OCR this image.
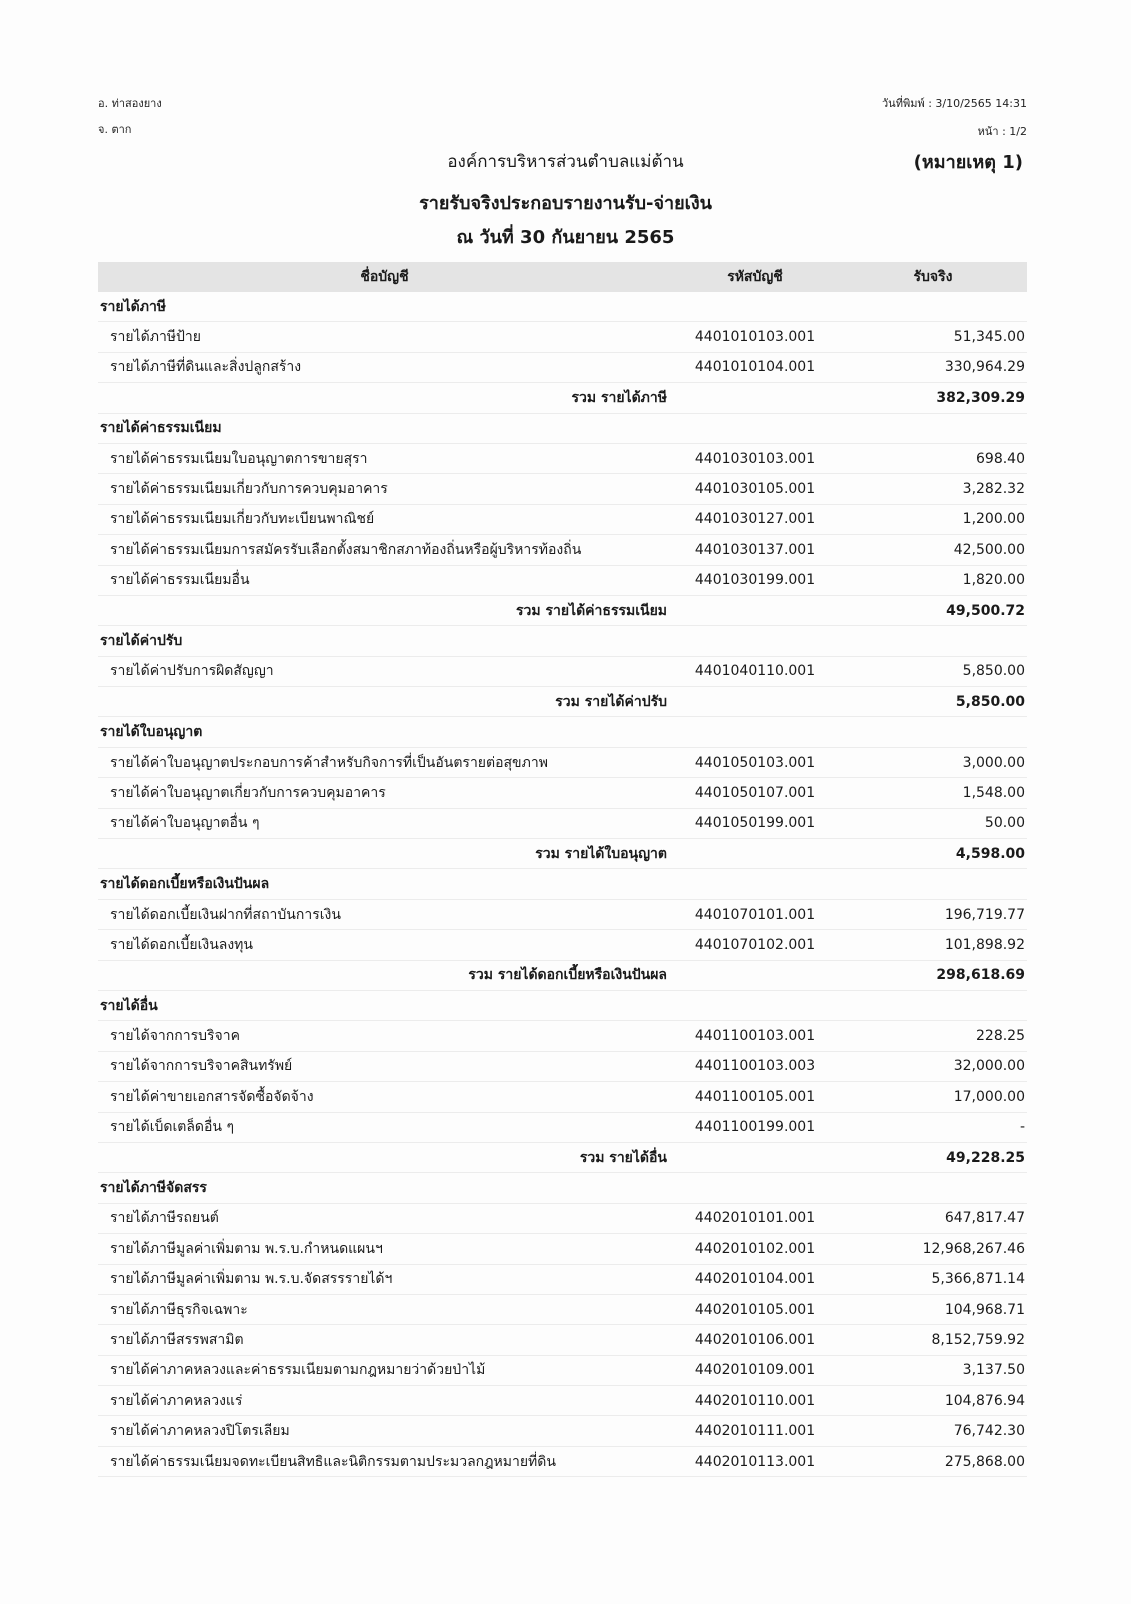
อ. ท่าสองยาง
จ. ตาก
วันที่พิมพ์ : 3/10/2565 14:31
หน้า : 1/2
องค์การบริหารส่วนตำบลแม่ต้าน	(หมายเหตุ 1)
รายรับจริงประกอบรายงานรับ-จ่ายเงิน
ณ วันที่ 30 กันยายน 2565
ชื่อบัญชี	รหัสบัญชี	รับจริง
รายได้ภาษี
รายได้ภาษีป้าย	4401010103.001	51,345.00
รายได้ภาษีที่ดินและสิ่งปลูกสร้าง	4401010104.001	330,964.29
รวม รายได้ภาษี	382,309.29
รายได้ค่าธรรมเนียม
รายได้ค่าธรรมเนียมใบอนุญาตการขายสุรา	4401030103.001	698.40
รายได้ค่าธรรมเนียมเกี่ยวกับการควบคุมอาคาร	4401030105.001	3,282.32
รายได้ค่าธรรมเนียมเกี่ยวกับทะเบียนพาณิชย์	4401030127.001	1,200.00
รายได้ค่าธรรมเนียมการสมัครรับเลือกตั้งสมาชิกสภาท้องถิ่นหรือผู้บริหารท้องถิ่น	4401030137.001	42,500.00
รายได้ค่าธรรมเนียมอื่น	4401030199.001	1,820.00
รวม รายได้ค่าธรรมเนียม	49,500.72
รายได้ค่าปรับ
รายได้ค่าปรับการผิดสัญญา	4401040110.001	5,850.00
รวม รายได้ค่าปรับ	5,850.00
รายได้ใบอนุญาต
รายได้ค่าใบอนุญาตประกอบการค้าสำหรับกิจการที่เป็นอันตรายต่อสุขภาพ	4401050103.001	3,000.00
รายได้ค่าใบอนุญาตเกี่ยวกับการควบคุมอาคาร	4401050107.001	1,548.00
รายได้ค่าใบอนุญาตอื่น ๆ	4401050199.001	50.00
รวม รายได้ใบอนุญาต	4,598.00
รายได้ดอกเบี้ยหรือเงินปันผล
รายได้ดอกเบี้ยเงินฝากที่สถาบันการเงิน	4401070101.001	196,719.77
รายได้ดอกเบี้ยเงินลงทุน	4401070102.001	101,898.92
รวม รายได้ดอกเบี้ยหรือเงินปันผล	298,618.69
รายได้อื่น
รายได้จากการบริจาค	4401100103.001	228.25
รายได้จากการบริจาคสินทรัพย์	4401100103.003	32,000.00
รายได้ค่าขายเอกสารจัดซื้อจัดจ้าง	4401100105.001	17,000.00
รายได้เบ็ดเตล็ดอื่น ๆ	4401100199.001	-
รวม รายได้อื่น	49,228.25
รายได้ภาษีจัดสรร
รายได้ภาษีรถยนต์	4402010101.001	647,817.47
รายได้ภาษีมูลค่าเพิ่มตาม พ.ร.บ.กำหนดแผนฯ	4402010102.001	12,968,267.46
รายได้ภาษีมูลค่าเพิ่มตาม พ.ร.บ.จัดสรรรายได้ฯ	4402010104.001	5,366,871.14
รายได้ภาษีธุรกิจเฉพาะ	4402010105.001	104,968.71
รายได้ภาษีสรรพสามิต	4402010106.001	8,152,759.92
รายได้ค่าภาคหลวงและค่าธรรมเนียมตามกฎหมายว่าด้วยป่าไม้	4402010109.001	3,137.50
รายได้ค่าภาคหลวงแร่	4402010110.001	104,876.94
รายได้ค่าภาคหลวงปิโตรเลียม	4402010111.001	76,742.30
รายได้ค่าธรรมเนียมจดทะเบียนสิทธิและนิติกรรมตามประมวลกฎหมายที่ดิน	4402010113.001	275,868.00
